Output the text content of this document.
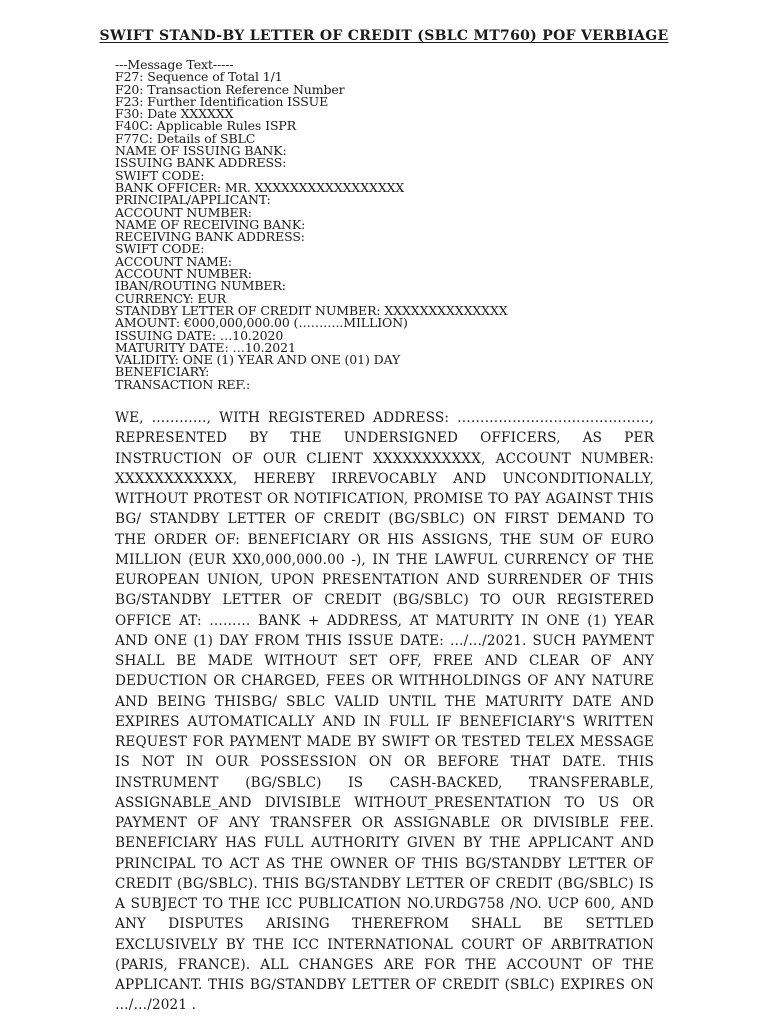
SWIFT STAND-BY LETTER OF CREDIT (SBLC MT760) POF VERBIAGE
---Message Text-----
F27: Sequence of Total 1/1
F20: Transaction Reference Number
F23: Further Identification ISSUE
F30: Date XXXXXX
F40C: Applicable Rules ISPR
F77C: Details of SBLC
NAME OF ISSUING BANK:
ISSUING BANK ADDRESS:
SWIFT CODE:
BANK OFFICER: MR. XXXXXXXXXXXXXXXXX
PRINCIPAL/APPLICANT:
ACCOUNT NUMBER:
NAME OF RECEIVING BANK:
RECEIVING BANK ADDRESS:
SWIFT CODE:
ACCOUNT NAME:
ACCOUNT NUMBER:
IBAN/ROUTING NUMBER:
CURRENCY: EUR
STANDBY LETTER OF CREDIT NUMBER: XXXXXXXXXXXXXX
AMOUNT: €000,000,000.00 (………..MILLION)
ISSUING DATE: …10.2020
MATURITY DATE: …10.2021
VALIDITY: ONE (1) YEAR AND ONE (01) DAY
BENEFICIARY:
TRANSACTION REF.:

WE, …………, WITH REGISTERED ADDRESS: ……………………………………, REPRESENTED BY THE UNDERSIGNED OFFICERS, AS PER INSTRUCTION OF OUR CLIENT XXXXXXXXXXX, ACCOUNT NUMBER: XXXXXXXXXXXX, HEREBY IRREVOCABLY AND UNCONDITIONALLY, WITHOUT PROTEST OR NOTIFICATION, PROMISE TO PAY AGAINST THIS BG/ STANDBY LETTER OF CREDIT (BG/SBLC) ON FIRST DEMAND TO THE ORDER OF: BENEFICIARY OR HIS ASSIGNS, THE SUM OF EURO MILLION (EUR XX0,000,000.00 -), IN THE LAWFUL CURRENCY OF THE EUROPEAN UNION, UPON PRESENTATION AND SURRENDER OF THIS BG/STANDBY LETTER OF CREDIT (BG/SBLC) TO OUR REGISTERED OFFICE AT: ……… BANK + ADDRESS, AT MATURITY IN ONE (1) YEAR AND ONE (1) DAY FROM THIS ISSUE DATE: …/…/2021. SUCH PAYMENT SHALL BE MADE WITHOUT SET OFF, FREE AND CLEAR OF ANY DEDUCTION OR CHARGED, FEES OR WITHHOLDINGS OF ANY NATURE AND BEING THISBG/ SBLC VALID UNTIL THE MATURITY DATE AND EXPIRES AUTOMATICALLY AND IN FULL IF BENEFICIARY'S WRITTEN REQUEST FOR PAYMENT MADE BY SWIFT OR TESTED TELEX MESSAGE IS NOT IN OUR POSSESSION ON OR BEFORE THAT DATE. THIS INSTRUMENT (BG/SBLC) IS CASH-BACKED, TRANSFERABLE, ASSIGNABLE_AND DIVISIBLE WITHOUT_PRESENTATION TO US OR PAYMENT OF ANY TRANSFER OR ASSIGNABLE OR DIVISIBLE FEE. BENEFICIARY HAS FULL AUTHORITY GIVEN BY THE APPLICANT AND PRINCIPAL TO ACT AS THE OWNER OF THIS BG/STANDBY LETTER OF CREDIT (BG/SBLC). THIS BG/STANDBY LETTER OF CREDIT (BG/SBLC) IS A SUBJECT TO THE ICC PUBLICATION NO.URDG758 /NO. UCP 600, AND ANY DISPUTES ARISING THEREFROM SHALL BE SETTLED EXCLUSIVELY BY THE ICC INTERNATIONAL COURT OF ARBITRATION (PARIS, FRANCE). ALL CHANGES ARE FOR THE ACCOUNT OF THE APPLICANT. THIS BG/STANDBY LETTER OF CREDIT (SBLC) EXPIRES ON …/…/2021 .
